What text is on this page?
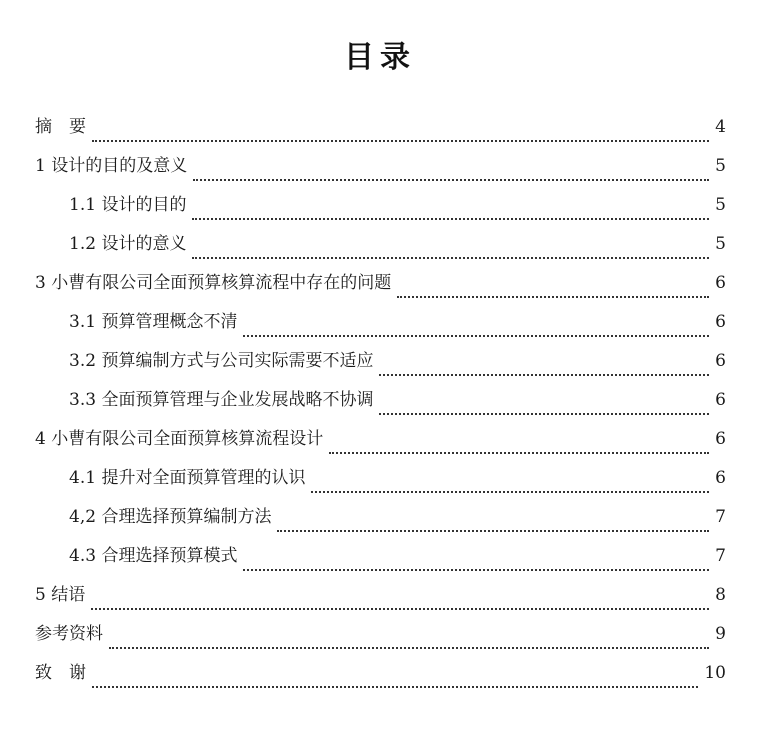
目录
摘　要	4
1 设计的目的及意义	5
1.1 设计的目的	5
1.2 设计的意义	5
3 小曹有限公司全面预算核算流程中存在的问题	6
3.1 预算管理概念不清	6
3.2 预算编制方式与公司实际需要不适应	6
3.3 全面预算管理与企业发展战略不协调	6
4 小曹有限公司全面预算核算流程设计	6
4.1 提升对全面预算管理的认识	6
4,2 合理选择预算编制方法	7
4.3 合理选择预算模式	7
5 结语	8
参考资料	9
致　谢	10
